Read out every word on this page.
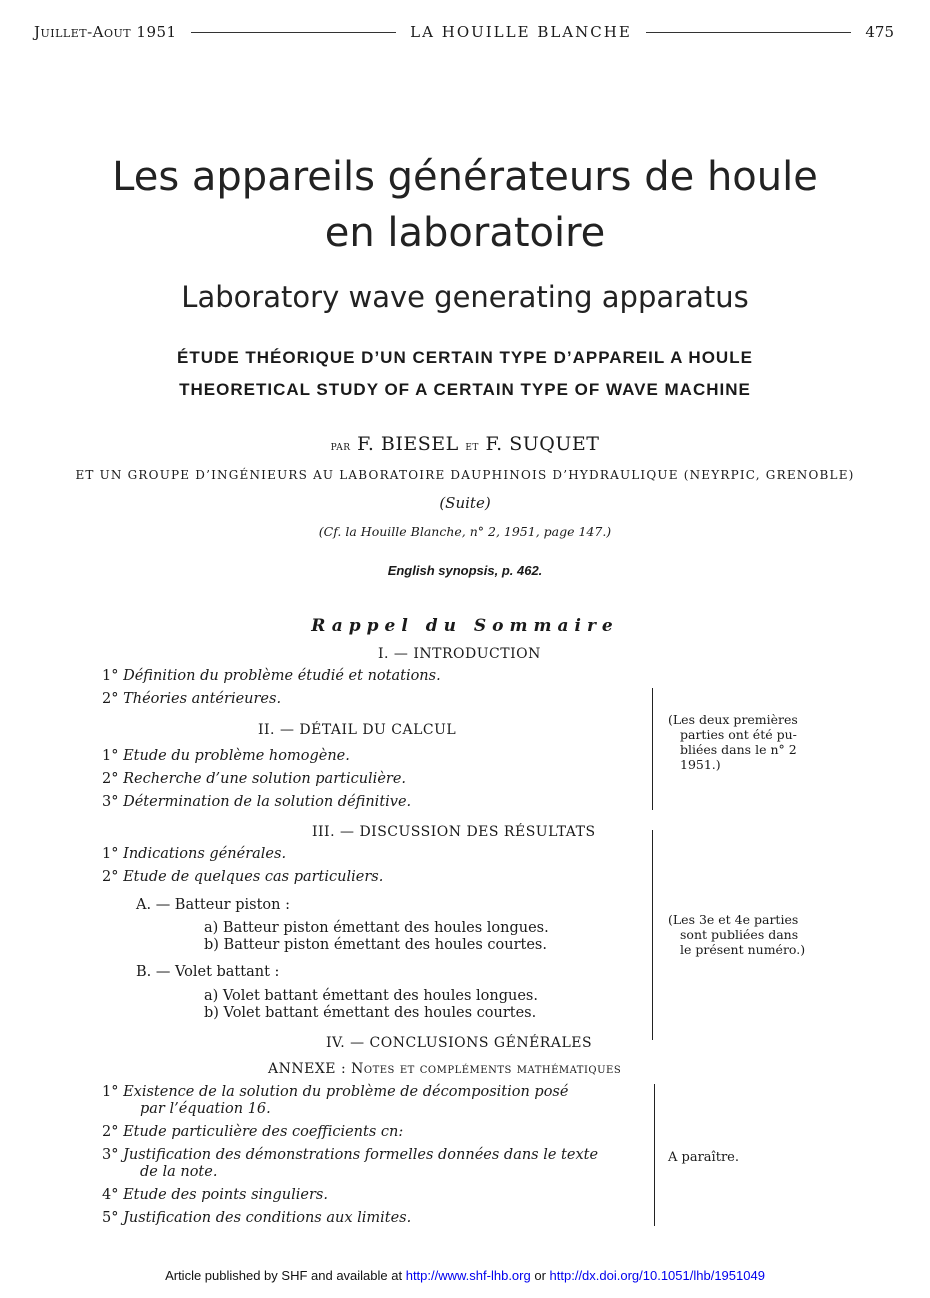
Juillet-Aout 1951	LA HOUILLE BLANCHE	475
Les appareils générateurs de houle
en laboratoire
Laboratory wave generating apparatus
ÉTUDE THÉORIQUE D’UN CERTAIN TYPE D’APPAREIL A HOULE
THEORETICAL STUDY OF A CERTAIN TYPE OF WAVE MACHINE
par F. BIESEL et F. SUQUET
ET UN GROUPE D’INGÉNIEURS AU LABORATOIRE DAUPHINOIS D’HYDRAULIQUE (NEYRPIC, GRENOBLE)
(Suite)
(Cf. la Houille Blanche, n° 2, 1951, page 147.)
English synopsis, p. 462.
Rappel du Sommaire
I. — INTRODUCTION
1° Définition du problème étudié et notations.
2° Théories antérieures.
II. — DÉTAIL DU CALCUL
1° Etude du problème homogène.
2° Recherche d’une solution particulière.
3° Détermination de la solution définitive.
(Les deux premières
parties ont été pu-
bliées dans le n° 2
1951.)
III. — DISCUSSION DES RÉSULTATS
1° Indications générales.
2° Etude de quelques cas particuliers.
A. — Batteur piston :
a) Batteur piston émettant des houles longues.
b) Batteur piston émettant des houles courtes.
B. — Volet battant :
a) Volet battant émettant des houles longues.
b) Volet battant émettant des houles courtes.
(Les 3e et 4e parties
sont publiées dans
le présent numéro.)
IV. — CONCLUSIONS GÉNÉRALES
ANNEXE : Notes et compléments mathématiques
1° Existence de la solution du problème de décomposition posé
par l’équation 16.
2° Etude particulière des coefficients cn:
3° Justification des démonstrations formelles données dans le texte
de la note.
4° Etude des points singuliers.
5° Justification des conditions aux limites.
A paraître.
Article published by SHF and available at http://www.shf-lhb.org or http://dx.doi.org/10.1051/lhb/1951049
